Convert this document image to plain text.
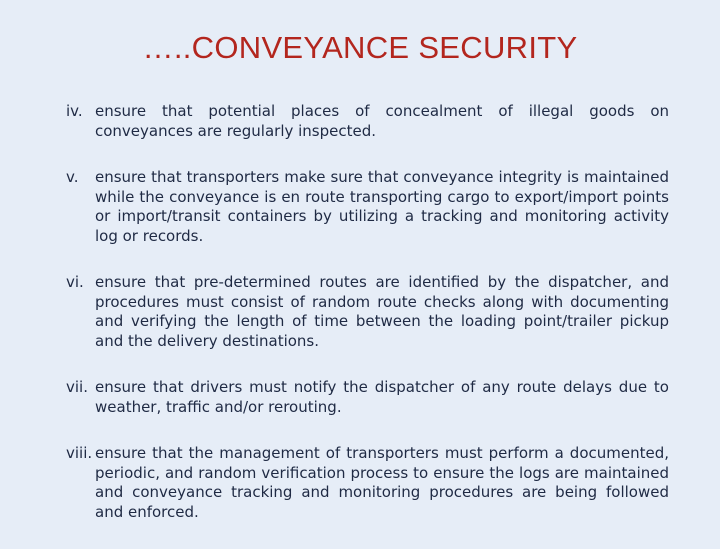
…..CONVEYANCE SECURITY
iv. ensure that potential places of concealment of illegal goods on conveyances are regularly inspected.
v.	ensure that transporters make sure that conveyance integrity is maintained while the conveyance is en route transporting cargo to export/import points or import/transit containers by utilizing a tracking and monitoring activity log or records.
vi. ensure that pre-determined routes are identified by the dispatcher, and procedures must consist of random route checks along with documenting and verifying the length of time between the loading point/trailer pickup and the delivery destinations.
vii. ensure that drivers must notify the dispatcher of any route delays due to weather, traffic and/or rerouting.
viii. ensure that the management of transporters must perform a documented, periodic, and random verification process to ensure the logs are maintained and conveyance tracking and monitoring procedures are being followed and enforced.
